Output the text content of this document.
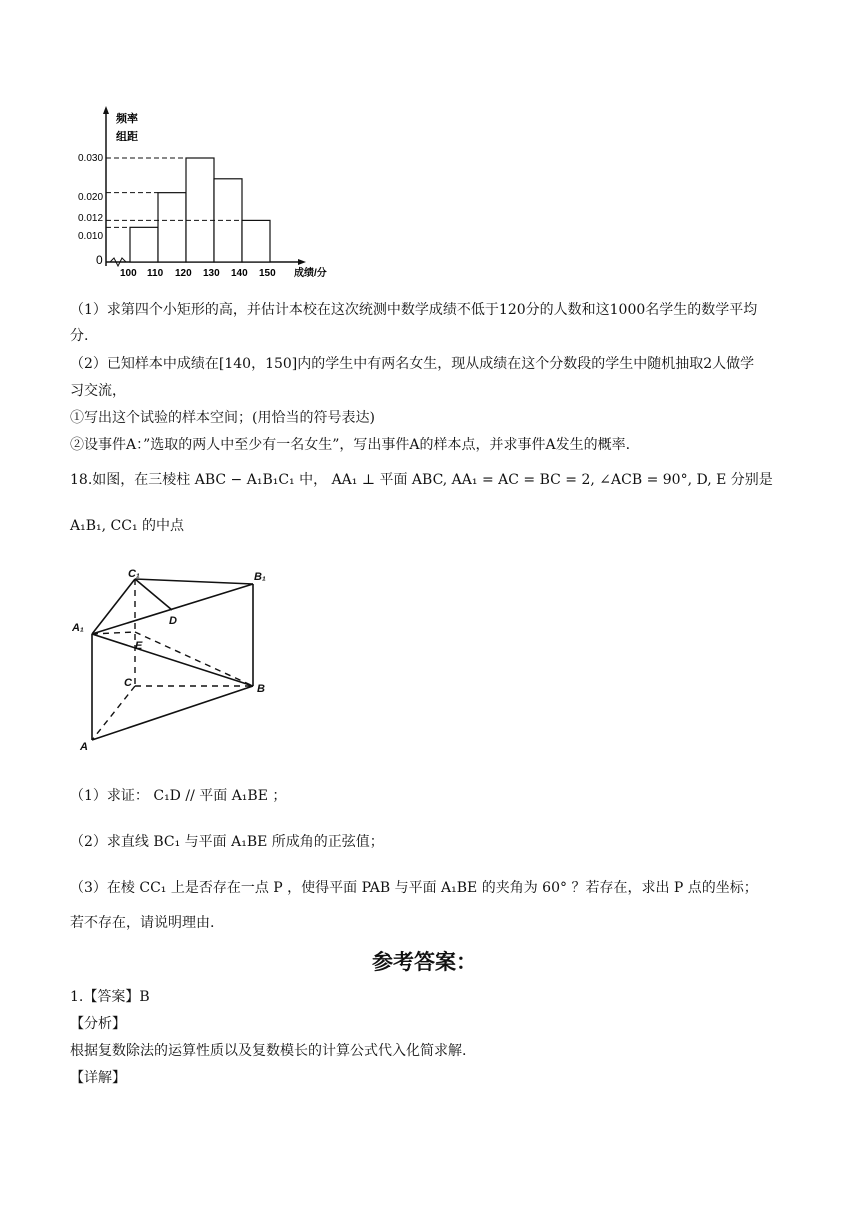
频率
组距
0.030
0.020
0.012
0.010
0
100 110 120 130 140 150 成绩/分
（1）求第四个小矩形的高，并估计本校在这次统测中数学成绩不低于120分的人数和这1000名学生的数学平均
分.
（2）已知样本中成绩在[140，150]内的学生中有两名女生，现从成绩在这个分数段的学生中随机抽取2人做学
习交流，
①写出这个试验的样本空间；(用恰当的符号表达)
②设事件A：”选取的两人中至少有一名女生”，写出事件A的样本点，并求事件A发生的概率.
18.如图，在三棱柱 ABC − A₁B₁C₁ 中， AA₁ ⊥ 平面 ABC, AA₁ = AC = BC = 2, ∠ACB = 90°, D, E 分别是
A₁B₁, CC₁ 的中点
C₁	B₁
A₁
D
E
C	B
A
（1）求证： C₁D // 平面 A₁BE ；
（2）求直线 BC₁ 与平面 A₁BE 所成角的正弦值；
（3）在棱 CC₁ 上是否存在一点 P ，使得平面 PAB 与平面 A₁BE 的夹角为 60° ？若存在，求出 P 点的坐标；
若不存在，请说明理由.
参考答案：
1.【答案】B
【分析】
根据复数除法的运算性质以及复数模长的计算公式代入化简求解.
【详解】
